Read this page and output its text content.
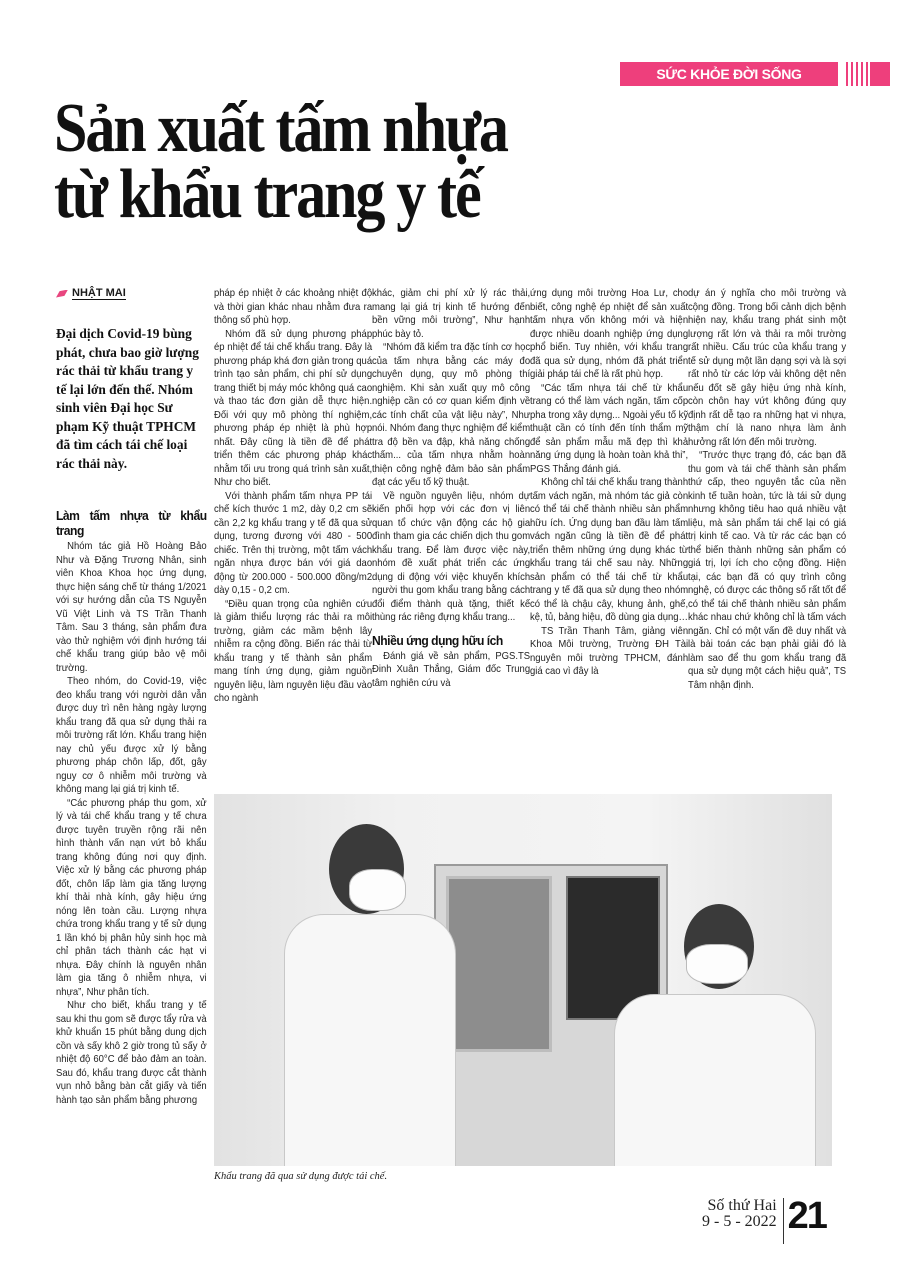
SỨC KHỎE ĐỜI SỐNG
Sản xuất tấm nhựa
từ khẩu trang y tế
NHẬT MAI
Đại dịch Covid-19 bùng phát, chưa bao giờ lượng rác thải từ khẩu trang y tế lại lớn đến thế. Nhóm sinh viên Đại học Sư phạm Kỹ thuật TPHCM đã tìm cách tái chế loại rác thải này.
Làm tấm nhựa từ khẩu trang

Nhóm tác giả Hồ Hoàng Bảo Như và Đặng Trương Nhân, sinh viên Khoa Khoa học ứng dụng, thực hiện sáng chế từ tháng 1/2021 với sự hướng dẫn của TS Nguyễn Vũ Việt Linh và TS Trần Thanh Tâm. Sau 3 tháng, sản phẩm đưa vào thử nghiệm với định hướng tái chế khẩu trang giúp bảo vệ môi trường.

Theo nhóm, do Covid-19, việc đeo khẩu trang với người dân vẫn được duy trì nên hàng ngày lượng khẩu trang đã qua sử dụng thải ra môi trường rất lớn. Khẩu trang hiện nay chủ yếu được xử lý bằng phương pháp chôn lấp, đốt, gây nguy cơ ô nhiễm môi trường và không mang lại giá trị kinh tế.

“Các phương pháp thu gom, xử lý và tái chế khẩu trang y tế chưa được tuyên truyền rộng rãi nên hình thành vấn nạn vứt bỏ khẩu trang không đúng nơi quy định. Việc xử lý bằng các phương pháp đốt, chôn lấp làm gia tăng lượng khí thải nhà kính, gây hiệu ứng nóng lên toàn cầu. Lượng nhựa chứa trong khẩu trang y tế sử dụng 1 lần khó bị phân hủy sinh học mà chỉ phân tách thành các hạt vi nhựa. Đây chính là nguyên nhân làm gia tăng ô nhiễm nhựa, vi nhựa”, Như phân tích.

Như cho biết, khẩu trang y tế sau khi thu gom sẽ được tẩy rửa và khử khuẩn 15 phút bằng dung dịch cồn và sấy khô 2 giờ trong tủ sấy ở nhiệt độ 60°C để bảo đảm an toàn. Sau đó, khẩu trang được cắt thành vụn nhỏ bằng bàn cắt giấy và tiến hành tạo sản phẩm bằng phương

pháp ép nhiệt ở các khoảng nhiệt độ và thời gian khác nhau nhằm đưa ra thông số phù hợp.

Nhóm đã sử dụng phương pháp ép nhiệt để tái chế khẩu trang. Đây là phương pháp khá đơn giản trong quá trình tạo sản phẩm, chi phí sử dụng trang thiết bị máy móc không quá cao và thao tác đơn giản dễ thực hiện. Đối với quy mô phòng thí nghiệm, phương pháp ép nhiệt là phù hợp nhất. Đây cũng là tiền đề để phát triển thêm các phương pháp khác nhằm tối ưu trong quá trình sản xuất, Như cho biết.

Với thành phẩm tấm nhựa PP tái chế kích thước 1 m2, dày 0,2 cm sẽ cần 2,2 kg khẩu trang y tế đã qua sử dụng, tương đương với 480 - 500 chiếc. Trên thị trường, một tấm vách ngăn nhựa được bán với giá dao động từ 200.000 - 500.000 đồng/m2 dày 0,15 - 0,2 cm.

“Điều quan trọng của nghiên cứu là giảm thiểu lượng rác thải ra môi trường, giảm các mầm bệnh lây nhiễm ra cộng đồng. Biến rác thải từ khẩu trang y tế thành sản phẩm mang tính ứng dụng, giảm nguồn nguyên liệu, làm nguyên liệu đầu vào cho ngành

khác, giảm chi phí xử lý rác thải, mang lại giá trị kinh tế hướng đến bền vững môi trường”, Như hạnh phúc bày tỏ.

“Nhóm đã kiểm tra đặc tính cơ học của tấm nhựa bằng các máy đo chuyên dụng, quy mô phòng thí nghiệm. Khi sản xuất quy mô công nghiệp cần có cơ quan kiểm định về các tính chất của vật liệu này”, Như nói. Nhóm đang thực nghiệm để kiểm tra độ bền va đập, khả năng chống thấm... của tấm nhựa nhằm hoàn thiện công nghệ đảm bảo sản phẩm đạt các yếu tố kỹ thuật.

Về nguồn nguyên liệu, nhóm dự kiến phối hợp với các đơn vị liên quan tổ chức vận động các hộ gia đình tham gia các chiến dịch thu gom khẩu trang. Để làm được việc này, nhóm đề xuất phát triển các ứng dụng di động với việc khuyến khích người thu gom khẩu trang bằng cách đổi điểm thành quà tặng, thiết kế thùng rác riêng đựng khẩu trang...

Nhiều ứng dụng hữu ích

Đánh giá về sản phẩm, PGS.TS Đinh Xuân Thắng, Giám đốc Trung tâm nghiên cứu và

ứng dụng môi trường Hoa Lư, cho biết, công nghệ ép nhiệt để sản xuất tấm nhựa vốn không mới và hiện được nhiều doanh nghiệp ứng dụng phổ biến. Tuy nhiên, với khẩu trang đã qua sử dụng, nhóm đã phát triển giải pháp tái chế là rất phù hợp.

“Các tấm nhựa tái chế từ khẩu trang có thể làm vách ngăn, tấm cốp pha trong xây dựng... Ngoài yếu tố kỹ thuật cần có tính đến tính thẩm mỹ để sản phẩm mẫu mã đẹp thì khả năng ứng dụng là hoàn toàn khả thi”, PGS Thắng đánh giá.

Không chỉ tái chế khẩu trang thành tấm vách ngăn, mà nhóm tác giả còn có thể tái chế thành nhiều sản phẩm hữu ích. Ứng dụng ban đầu làm tấm vách ngăn cũng là tiền đề để phát triển thêm những ứng dụng khác từ khẩu trang tái chế sau này. Những sản phẩm có thể tái chế từ khẩu trang y tế đã qua sử dụng theo nhóm có thể là chậu cây, khung ảnh, ghế, kệ, tủ, bảng hiệu, đồ dùng gia dụng…

TS Trần Thanh Tâm, giảng viên Khoa Môi trường, Trường ĐH Tài nguyên môi trường TPHCM, đánh giá cao vì đây là

dự án ý nghĩa cho môi trường và cộng đồng. Trong bối cảnh dịch bệnh hiện nay, khẩu trang phát sinh một lượng rất lớn và thải ra môi trường rất nhiều. Cấu trúc của khẩu trang y tế sử dụng một lần dạng sợi và là sợi rất nhỏ từ các lớp vải không dệt nên nếu đốt sẽ gây hiệu ứng nhà kính, còn chôn hay vứt không đúng quy định rất dễ tạo ra những hạt vi nhựa, thậm chí là nano nhựa làm ảnh hưởng rất lớn đến môi trường.

“Trước thực trạng đó, các bạn đã thu gom và tái chế thành sản phẩm thứ cấp, theo nguyên tắc của nền kinh tế tuần hoàn, tức là tái sử dụng nhưng không tiêu hao quá nhiều vật liệu, mà sản phẩm tái chế lại có giá trị kinh tế cao. Và từ rác các bạn có thể biến thành những sản phẩm có giá trị, lợi ích cho cộng đồng. Hiện tại, các bạn đã có quy trình công nghệ, có được các thông số rất tốt để có thể tái chế thành nhiều sản phẩm khác nhau chứ không chỉ là tấm vách ngăn. Chỉ có một vấn đề duy nhất và là bài toán các bạn phải giải đó là làm sao để thu gom khẩu trang đã qua sử dụng một cách hiệu quả”, TS Tâm nhận định.

Khẩu trang đã qua sử dụng được tái chế.
Số thứ Hai
9 - 5 - 2022 21
